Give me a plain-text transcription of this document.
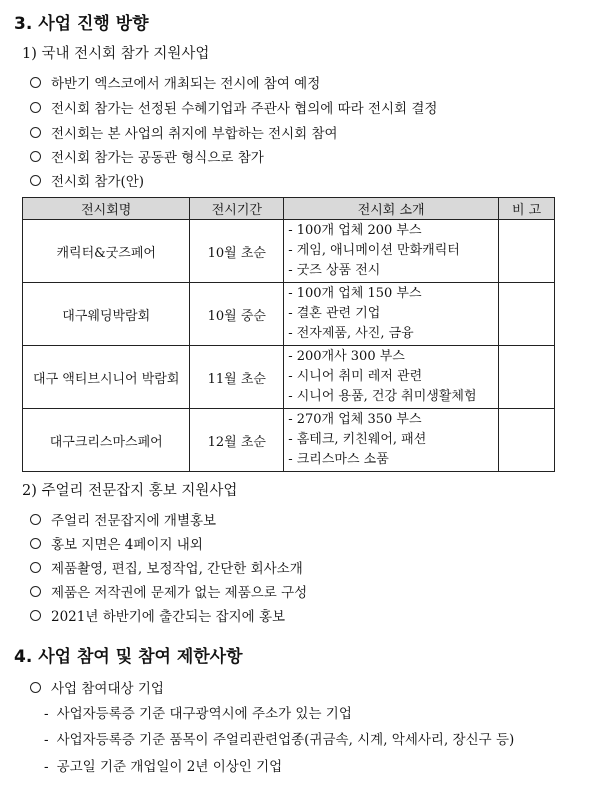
3. 사업 진행 방향
1) 국내 전시회 참가 지원사업
하반기 엑스코에서 개최되는 전시에 참여 예정
전시회 참가는 선정된 수혜기업과 주관사 협의에 따라 전시회 결정
전시회는 본 사업의 취지에 부합하는 전시회 참여
전시회 참가는 공동관 형식으로 참가
전시회 참가(안)
전시회명	전시기간	전시회 소개	비 고
캐릭터&굿즈페어	10월 초순	- 100개 업체 200 부스
- 게임, 애니메이션 만화캐릭터
- 굿즈 상품 전시	

대구웨딩박람회	10월 중순	- 100개 업체 150 부스
- 결혼 관련 기업
- 전자제품, 사진, 금융	

대구 액티브시니어 박람회	11월 초순	- 200개사 300 부스
- 시니어 취미 레저 관련
- 시니어 용품, 건강 취미생활체험	

대구크리스마스페어	12월 초순	- 270개 업체 350 부스
- 홈테크, 키친웨어, 패션
- 크리스마스 소품	

2) 주얼리 전문잡지 홍보 지원사업
주얼리 전문잡지에 개별홍보
홍보 지면은 4페이지 내외
제품촬영, 편집, 보정작업, 간단한 회사소개
제품은 저작권에 문제가 없는 제품으로 구성
2021년 하반기에 출간되는 잡지에 홍보
4. 사업 참여 및 참여 제한사항
사업 참여대상 기업
- 사업자등록증 기준 대구광역시에 주소가 있는 기업
- 사업자등록증 기준 품목이 주얼리관련업종(귀금속, 시계, 악세사리, 장신구 등)
- 공고일 기준 개업일이 2년 이상인 기업
